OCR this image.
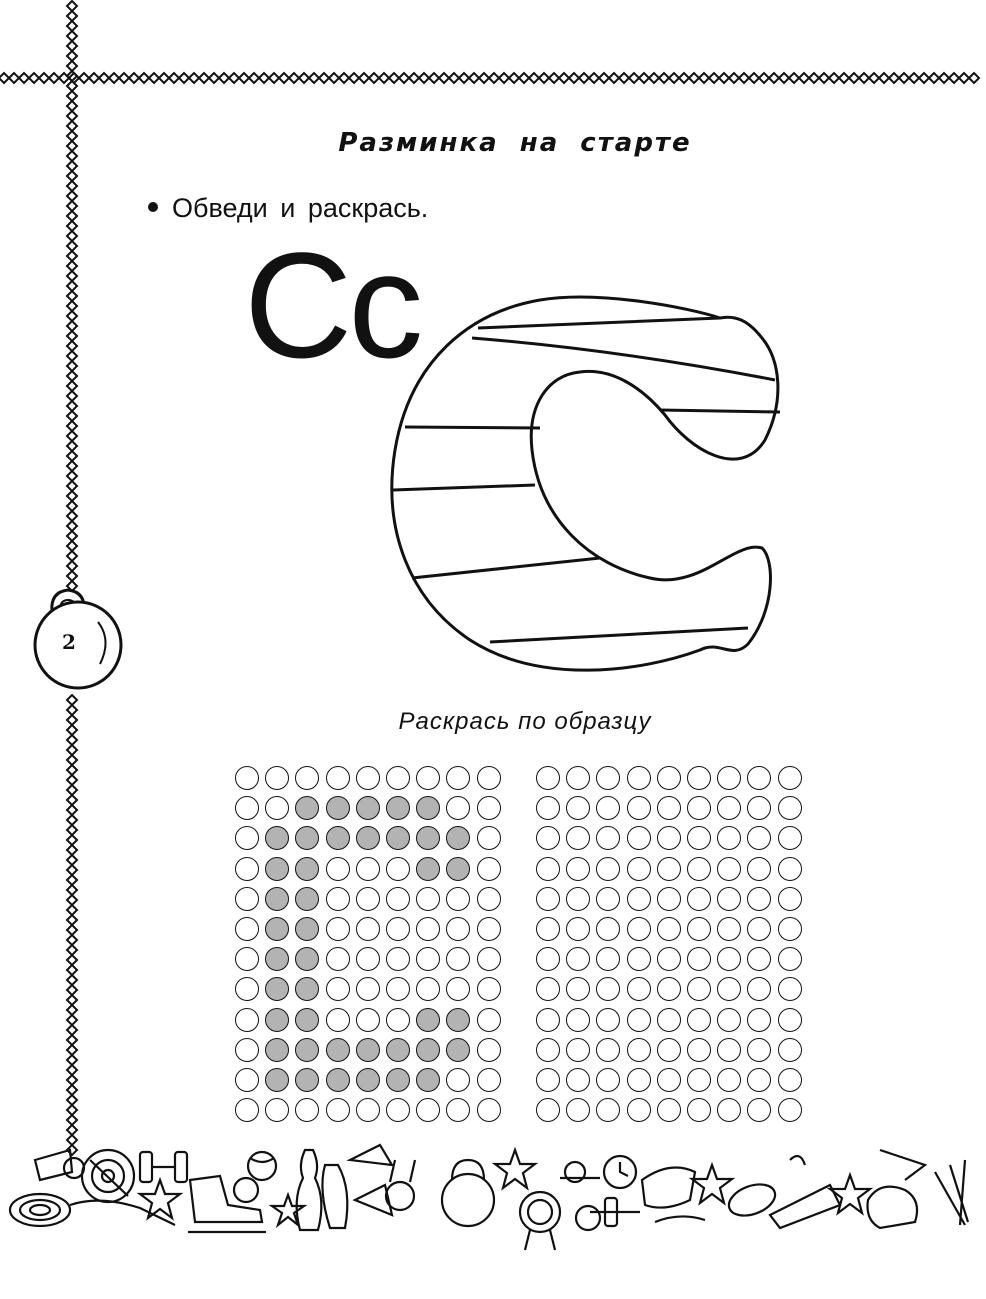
Разминка на старте
Обведи и раскрась.
Cc
Раскрась по образцу
2
